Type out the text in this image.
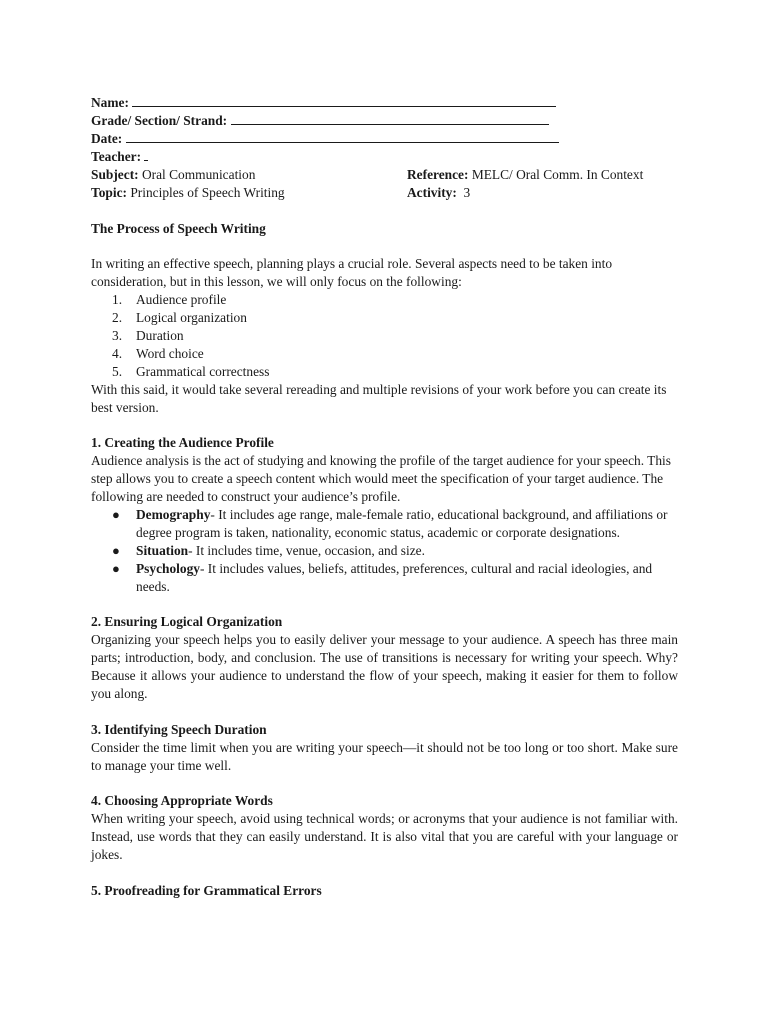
Name:
Grade/ Section/ Strand:
Date:
Teacher:
Subject: Oral Communication	Reference: MELC/ Oral Comm. In Context
Topic: Principles of Speech Writing	Activity: 3
The Process of Speech Writing
In writing an effective speech, planning plays a crucial role. Several aspects need to be taken into consideration, but in this lesson, we will only focus on the following:
1. Audience profile
2. Logical organization
3. Duration
4. Word choice
5. Grammatical correctness
With this said, it would take several rereading and multiple revisions of your work before you can create its best version.
1. Creating the Audience Profile
Audience analysis is the act of studying and knowing the profile of the target audience for your speech. This step allows you to create a speech content which would meet the specification of your target audience. The following are needed to construct your audience’s profile.
● Demography- It includes age range, male-female ratio, educational background, and affiliations or degree program is taken, nationality, economic status, academic or corporate designations.
● Situation- It includes time, venue, occasion, and size.
● Psychology- It includes values, beliefs, attitudes, preferences, cultural and racial ideologies, and needs.
2. Ensuring Logical Organization
Organizing your speech helps you to easily deliver your message to your audience. A speech has three main parts; introduction, body, and conclusion. The use of transitions is necessary for writing your speech. Why? Because it allows your audience to understand the flow of your speech, making it easier for them to follow you along.
3. Identifying Speech Duration
Consider the time limit when you are writing your speech—it should not be too long or too short. Make sure to manage your time well.
4. Choosing Appropriate Words
When writing your speech, avoid using technical words; or acronyms that your audience is not familiar with. Instead, use words that they can easily understand. It is also vital that you are careful with your language or jokes.
5. Proofreading for Grammatical Errors
